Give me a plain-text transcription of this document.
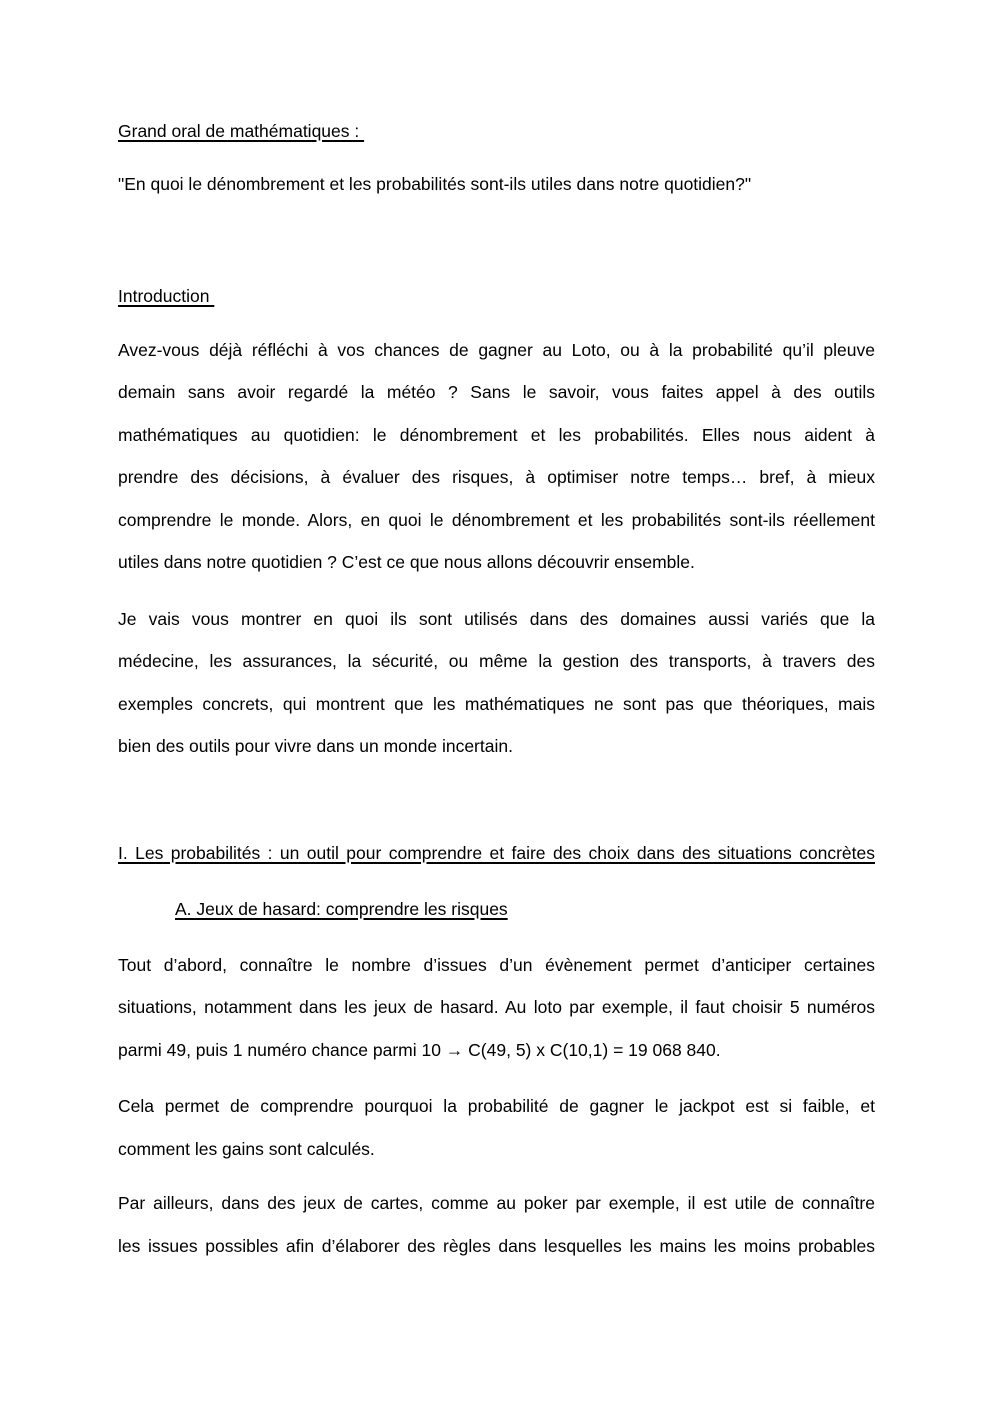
Grand oral de mathématiques :
"En quoi le dénombrement et les probabilités sont-ils utiles dans notre quotidien?"
Introduction
Avez-vous déjà réfléchi à vos chances de gagner au Loto, ou à la probabilité qu’il pleuve
demain sans avoir regardé la météo ? Sans le savoir, vous faites appel à des outils
mathématiques au quotidien: le dénombrement et les probabilités. Elles nous aident à
prendre des décisions, à évaluer des risques, à optimiser notre temps… bref, à mieux
comprendre le monde. Alors, en quoi le dénombrement et les probabilités sont-ils réellement
utiles dans notre quotidien ? C’est ce que nous allons découvrir ensemble.
Je vais vous montrer en quoi ils sont utilisés dans des domaines aussi variés que la
médecine, les assurances, la sécurité, ou même la gestion des transports, à travers des
exemples concrets, qui montrent que les mathématiques ne sont pas que théoriques, mais
bien des outils pour vivre dans un monde incertain.
I. Les probabilités : un outil pour comprendre et faire des choix dans des situations concrètes
A. Jeux de hasard: comprendre les risques
Tout d’abord, connaître le nombre d’issues d’un évènement permet d’anticiper certaines
situations, notamment dans les jeux de hasard. Au loto par exemple, il faut choisir 5 numéros
parmi 49, puis 1 numéro chance parmi 10 → C(49, 5) x C(10,1) = 19 068 840.
Cela permet de comprendre pourquoi la probabilité de gagner le jackpot est si faible, et
comment les gains sont calculés.
Par ailleurs, dans des jeux de cartes, comme au poker par exemple, il est utile de connaître
les issues possibles afin d’élaborer des règles dans lesquelles les mains les moins probables
